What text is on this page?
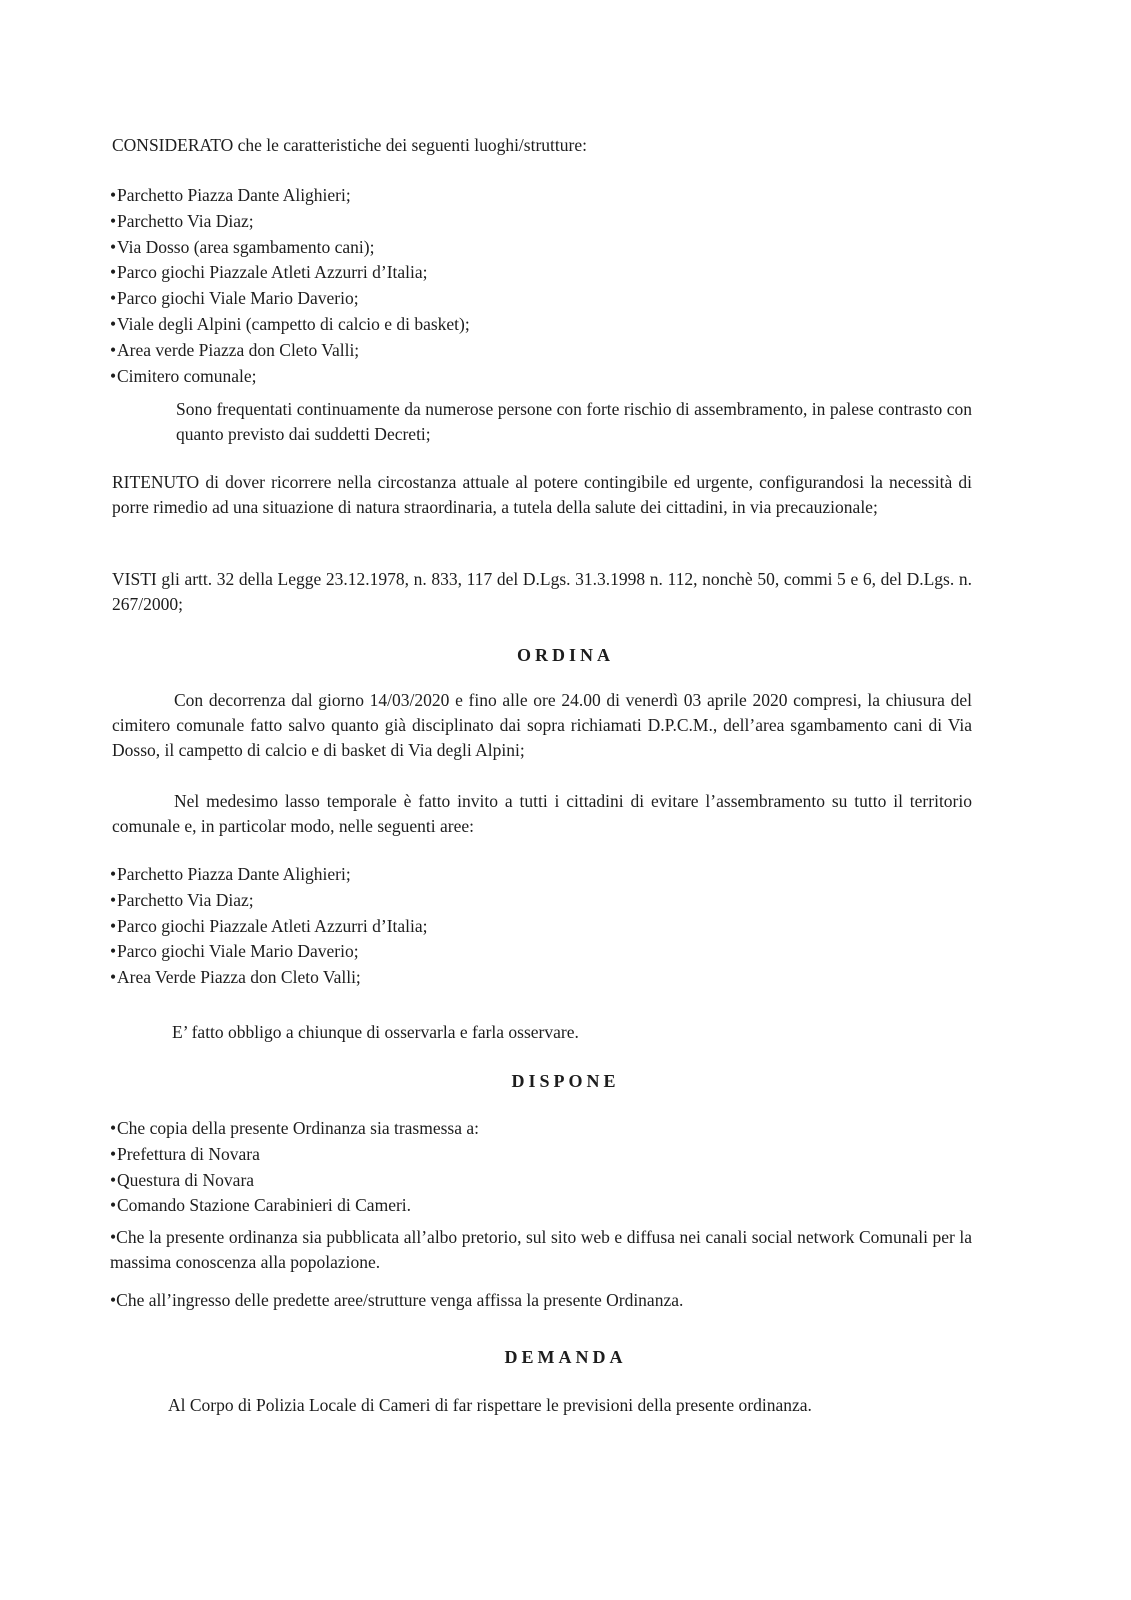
CONSIDERATO che le caratteristiche dei seguenti luoghi/strutture:
•Parchetto Piazza Dante Alighieri;
•Parchetto Via Diaz;
•Via Dosso (area sgambamento cani);
•Parco giochi Piazzale Atleti Azzurri d’Italia;
•Parco giochi Viale Mario Daverio;
•Viale degli Alpini (campetto di calcio e di basket);
•Area verde Piazza don Cleto Valli;
•Cimitero comunale;
Sono frequentati continuamente da numerose persone con forte rischio di assembramento, in palese contrasto con quanto previsto dai suddetti Decreti;
RITENUTO di dover ricorrere nella circostanza attuale al potere contingibile ed urgente, configurandosi la necessità di porre rimedio ad una situazione di natura straordinaria, a tutela della salute dei cittadini, in via precauzionale;
VISTI gli artt. 32 della Legge 23.12.1978, n. 833, 117 del D.Lgs. 31.3.1998 n. 112, nonchè 50, commi 5 e 6, del D.Lgs. n. 267/2000;
ORDINA
Con decorrenza dal giorno 14/03/2020 e fino alle ore 24.00 di venerdì 03 aprile 2020 compresi, la chiusura del cimitero comunale fatto salvo quanto già disciplinato dai sopra richiamati D.P.C.M., dell’area sgambamento cani di Via Dosso, il campetto di calcio e di basket di Via degli Alpini;
Nel medesimo lasso temporale è fatto invito a tutti i cittadini di evitare l’assembramento su tutto il territorio comunale e, in particolar modo, nelle seguenti aree:
•Parchetto Piazza Dante Alighieri;
•Parchetto Via Diaz;
•Parco giochi Piazzale Atleti Azzurri d’Italia;
•Parco giochi Viale Mario Daverio;
•Area Verde Piazza don Cleto Valli;
E’ fatto obbligo a chiunque di osservarla e farla osservare.
DISPONE
•Che copia della presente Ordinanza sia trasmessa a:
•Prefettura di Novara
•Questura di Novara
•Comando Stazione Carabinieri di Cameri.
•Che la presente ordinanza sia pubblicata all’albo pretorio, sul sito web e diffusa nei canali social network Comunali per la massima conoscenza alla popolazione.
•Che all’ingresso delle predette aree/strutture venga affissa la presente Ordinanza.
DEMANDA
Al Corpo di Polizia Locale di Cameri di far rispettare le previsioni della presente ordinanza.
